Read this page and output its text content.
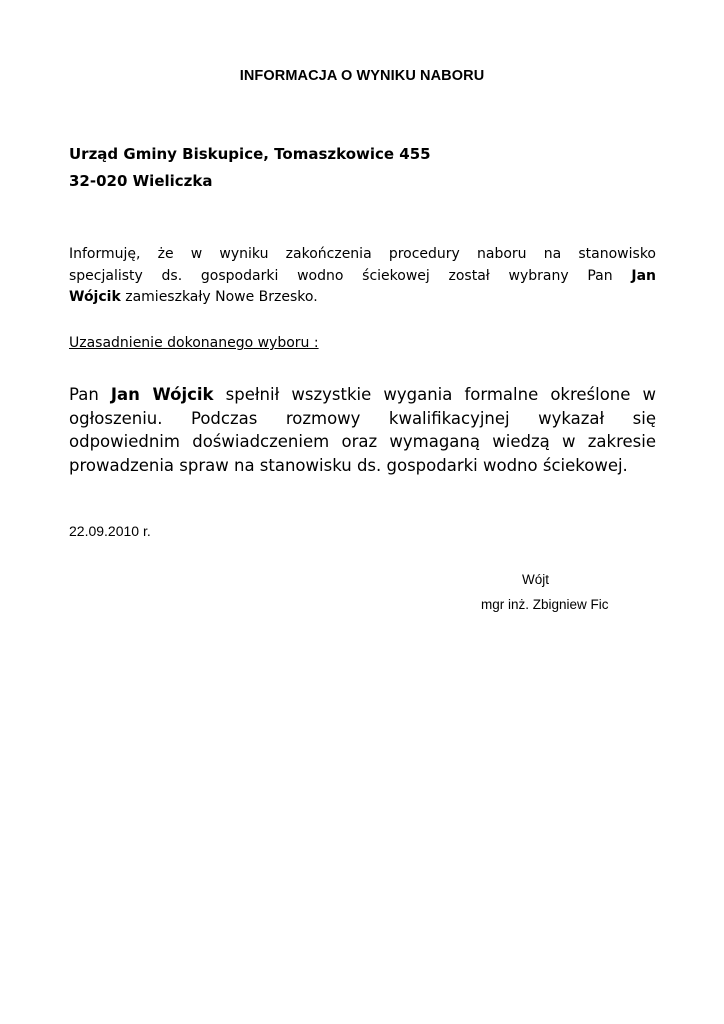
INFORMACJA O WYNIKU NABORU
Urząd Gminy Biskupice, Tomaszkowice 455
32-020 Wieliczka
Informuję, że w wyniku zakończenia procedury naboru na stanowisko
specjalisty ds. gospodarki wodno ściekowej został wybrany Pan Jan
Wójcik zamieszkały Nowe Brzesko.
Uzasadnienie dokonanego wyboru :
Pan Jan Wójcik spełnił wszystkie wygania formalne określone w
ogłoszeniu. Podczas rozmowy kwalifikacyjnej wykazał się
odpowiednim doświadczeniem oraz wymaganą wiedzą w zakresie
prowadzenia spraw na stanowisku ds. gospodarki wodno ściekowej.
22.09.2010 r.
Wójt
mgr inż. Zbigniew Fic
